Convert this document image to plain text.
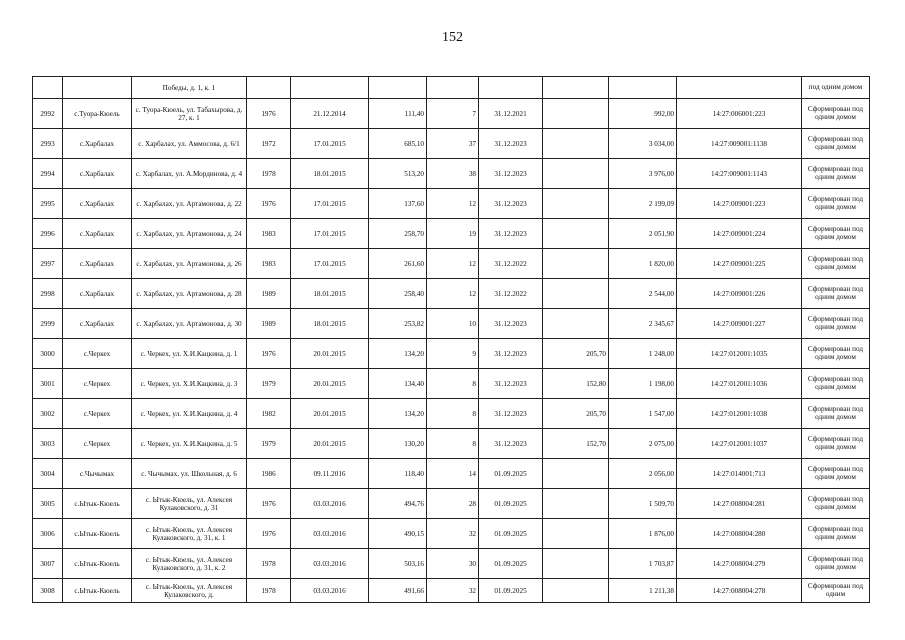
152
		Победы, д. 1, к. 1									под одним домом
2992	с.Туора-Кюель	с. Туора-Кюель, ул. Табахырова, д. 27, к. 1	1976	21.12.2014	111,40	7	31.12.2021		992,00	14:27:006001:223	Сформирован под одним домом
2993	с.Харбалах	с. Харбалах, ул. Аммосова, д. 6/1	1972	17.01.2015	685,10	37	31.12.2023		3 034,00	14:27:009001:1138	Сформирован под одним домом
2994	с.Харбалах	с. Харбалах, ул. А.Мординова, д. 4	1978	18.01.2015	513,20	38	31.12.2023		3 976,00	14:27:009001:1143	Сформирован под одним домом
2995	с.Харбалах	с. Харбалах, ул. Артамонова, д. 22	1976	17.01.2015	137,60	12	31.12.2023		2 199,09	14:27:009001:223	Сформирован под одним домом
2996	с.Харбалах	с. Харбалах, ул. Артамонова, д. 24	1983	17.01.2015	258,70	19	31.12.2023		2 051,90	14:27:009001:224	Сформирован под одним домом
2997	с.Харбалах	с. Харбалах, ул. Артамонова, д. 26	1983	17.01.2015	261,60	12	31.12.2022		1 820,00	14:27:009001:225	Сформирован под одним домом
2998	с.Харбалах	с. Харбалах, ул. Артамонова, д. 28	1989	18.01.2015	258,40	12	31.12.2022		2 544,00	14:27:009001:226	Сформирован под одним домом
2999	с.Харбалах	с. Харбалах, ул. Артамонова, д. 30	1989	18.01.2015	253,82	10	31.12.2023		2 345,67	14:27:009001:227	Сформирован под одним домом
3000	с.Черкех	с. Черкех, ул. Х.И.Кацкина, д. 1	1976	20.01.2015	134,20	9	31.12.2023	205,70	1 248,00	14:27:012001:1035	Сформирован под одним домом
3001	с.Черкех	с. Черкех, ул. Х.И.Кацкина, д. 3	1979	20.01.2015	134,40	8	31.12.2023	152,80	1 198,00	14:27:012001:1036	Сформирован под одним домом
3002	с.Черкех	с. Черкех, ул. Х.И.Кацкина, д. 4	1982	20.01.2015	134,20	8	31.12.2023	205,70	1 547,00	14:27:012001:1038	Сформирован под одним домом
3003	с.Черкех	с. Черкех, ул. Х.И.Кацкина, д. 5	1979	20.01.2015	130,20	8	31.12.2023	152,70	2 075,00	14:27:012001:1037	Сформирован под одним домом
3004	с.Чычымах	с. Чычымах, ул. Школьная, д. 6	1986	09.11.2016	118,40	14	01.09.2025		2 056,00	14:27:014001:713	Сформирован под одним домом
3005	с.Ытык-Кюель	с. Ытык-Кюель, ул. Алексея Кулаковского, д. 31	1976	03.03.2016	494,76	28	01.09.2025		1 509,70	14:27:008004:281	Сформирован под одним домом
3006	с.Ытык-Кюель	с. Ытык-Кюель, ул. Алексея Кулаковского, д. 31, к. 1	1976	03.03.2016	490,15	32	01.09.2025		1 876,00	14:27:008004:280	Сформирован под одним домом
3007	с.Ытык-Кюель	с. Ытык-Кюель, ул. Алексея Кулаковского, д. 31, к. 2	1978	03.03.2016	503,16	30	01.09.2025		1 703,87	14:27:008004:279	Сформирован под одним домом
3008	с.Ытык-Кюель	с. Ытык-Кюель, ул. Алексея Кулаковского, д.	1978	03.03.2016	491,66	32	01.09.2025		1 211,38	14:27:008004:278	Сформирован под одним
